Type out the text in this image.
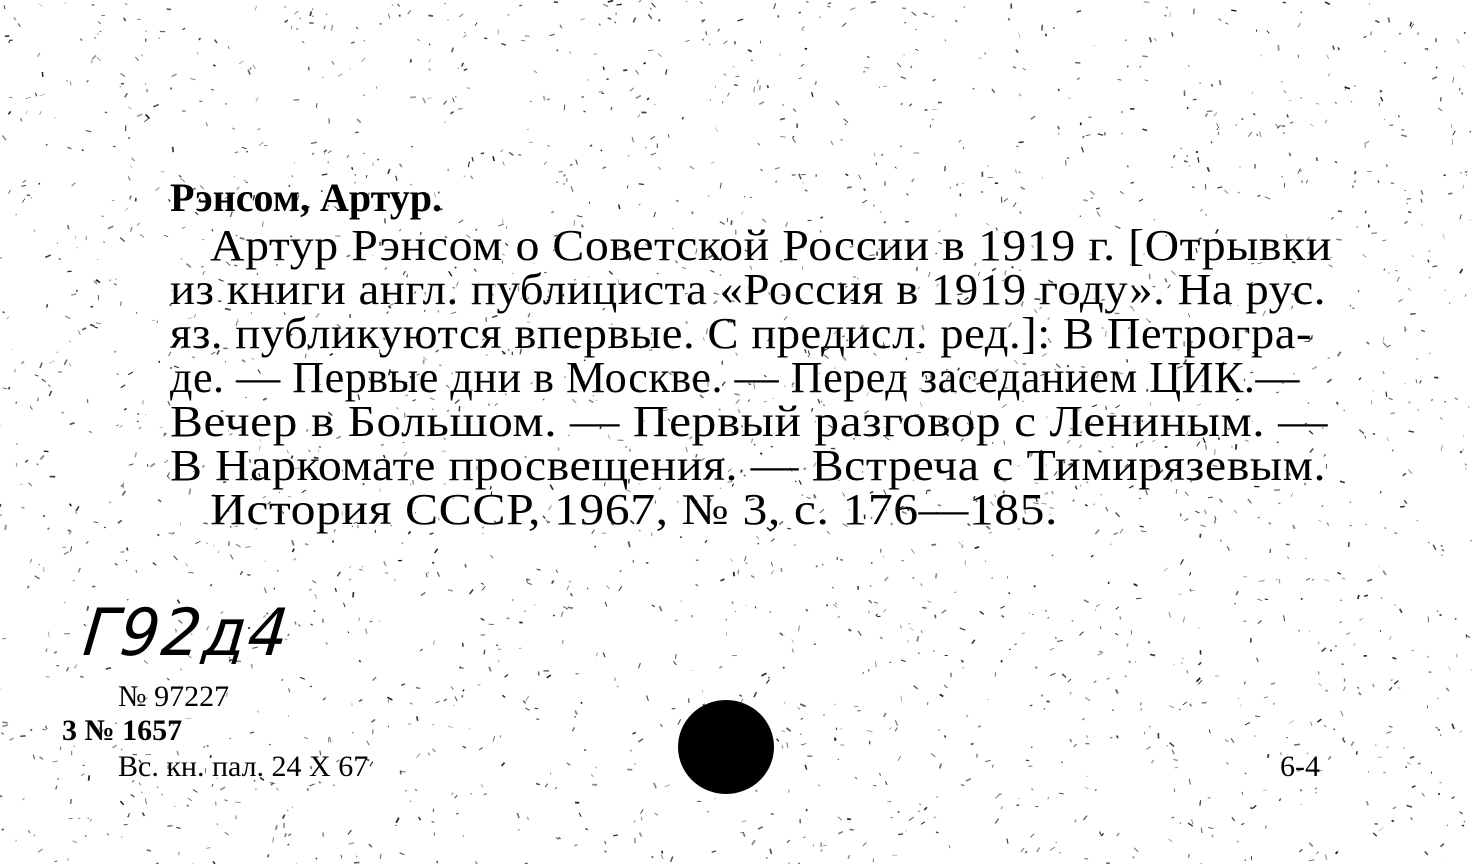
Рэнсом, Артур.
Артур Рэнсом о Советской России в 1919 г. [Отрывки
из книги англ. публициста «Россия в 1919 году». На рус.
яз. публикуются впервые. С предисл. ред.]: В Петрогра-
де. — Первые дни в Москве. — Перед заседанием ЦИК.—
Вечер в Большом. — Первый разговор с Лениным. —
В Наркомате просвещения. — Встреча с Тимирязевым.
История СССР, 1967, № 3, с. 176—185.
Г92д4
№ 97227
3 № 1657
Вс. кн. пал. 24 X 67	6-4
